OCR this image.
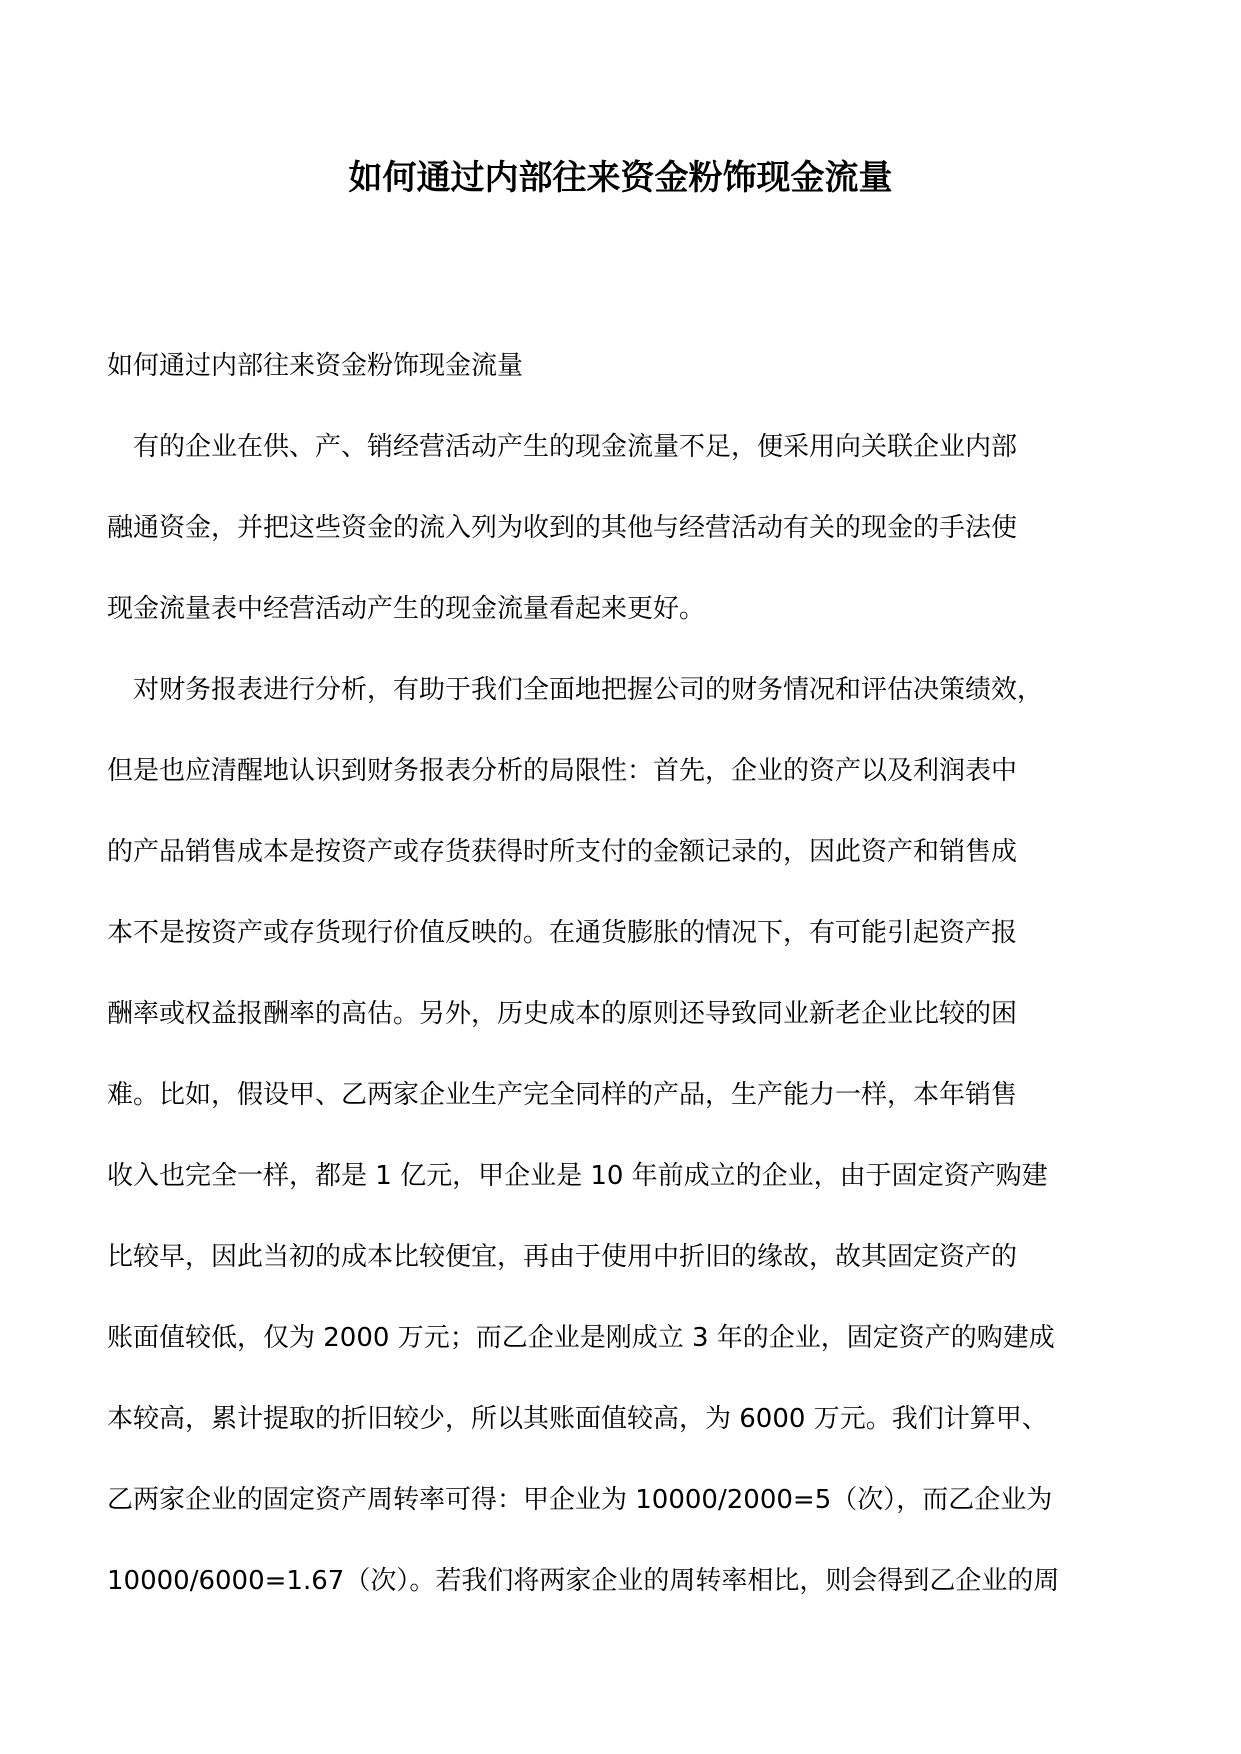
如何通过内部往来资金粉饰现金流量
如何通过内部往来资金粉饰现金流量
　有的企业在供、产、销经营活动产生的现金流量不足，便采用向关联企业内部
融通资金，并把这些资金的流入列为收到的其他与经营活动有关的现金的手法使
现金流量表中经营活动产生的现金流量看起来更好。
　对财务报表进行分析，有助于我们全面地把握公司的财务情况和评估决策绩效，
但是也应清醒地认识到财务报表分析的局限性：首先，企业的资产以及利润表中
的产品销售成本是按资产或存货获得时所支付的金额记录的，因此资产和销售成
本不是按资产或存货现行价值反映的。在通货膨胀的情况下，有可能引起资产报
酬率或权益报酬率的高估。另外，历史成本的原则还导致同业新老企业比较的困
难。比如，假设甲、乙两家企业生产完全同样的产品，生产能力一样，本年销售
收入也完全一样，都是 1 亿元，甲企业是 10 年前成立的企业，由于固定资产购建
比较早，因此当初的成本比较便宜，再由于使用中折旧的缘故，故其固定资产的
账面值较低，仅为 2000 万元；而乙企业是刚成立 3 年的企业，固定资产的购建成
本较高，累计提取的折旧较少，所以其账面值较高，为 6000 万元。我们计算甲、
乙两家企业的固定资产周转率可得：甲企业为 10000/2000=5（次），而乙企业为
10000/6000=1.67（次）。若我们将两家企业的周转率相比，则会得到乙企业的周
